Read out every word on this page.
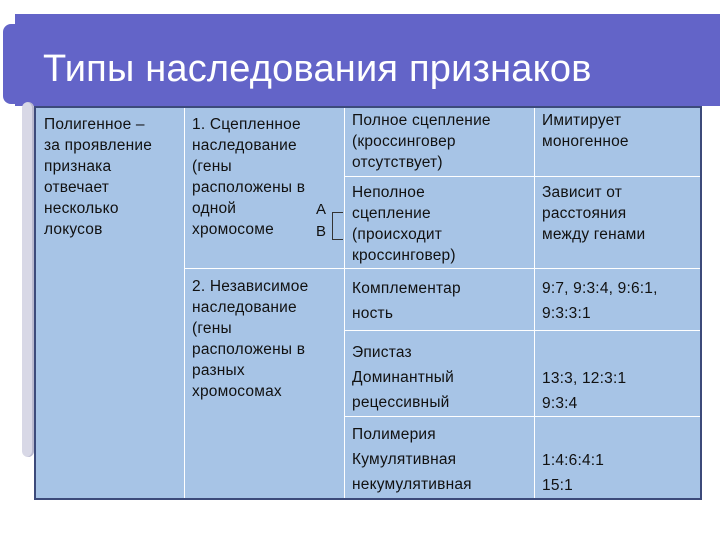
Типы наследования признаков
Полигенное –
за проявление
признака
отвечает
несколько
локусов
1. Сцепленное
наследование
(гены
расположены в
одной
хромосоме
А
В
2. Независимое
наследование
(гены
расположены в
разных
хромосомах
Полное сцепление
(кроссинговер
отсутствует)
Неполное
сцепление
(происходит
кроссинговер)
Комплементар
ность
Эпистаз
Доминантный
рецессивный
Полимерия
Кумулятивная
некумулятивная
Имитирует
моногенное
Зависит от
расстояния
между генами
9:7, 9:3:4, 9:6:1,
9:3:3:1
13:3, 12:3:1
9:3:4
1:4:6:4:1
15:1
